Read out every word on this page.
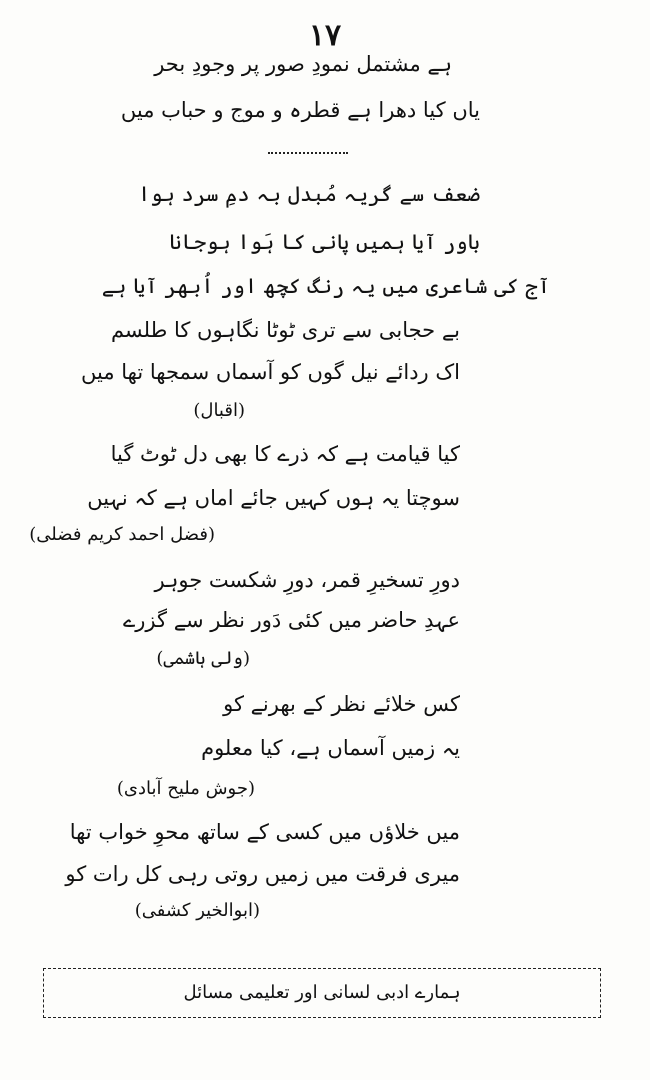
۱۷
ہے مشتمل نمودِ صور پر وجودِ بحر
یاں کیا دھرا ہے قطرہ و موج و حباب میں
ضعف سے گریہ مُبدل بہ دمِ سرد ہوا
باور آیا ہمیں پانی کا ہَوا ہوجانا
آج کی شاعری میں یہ رنگ کچھ اور اُبھر آیا ہے
بے حجابی سے تری ٹوٹا نگاہوں کا طلسم
اک ردائے نیل گوں کو آسماں سمجھا تھا میں
(اقبال)
کیا قیامت ہے کہ ذرے کا بھی دل ٹوٹ گیا
سوچتا یہ ہوں کہیں جائے اماں ہے کہ نہیں
(فضل احمد کریم فضلی)
دورِ تسخیرِ قمر، دورِ شکست جوہر
عہدِ حاضر میں کئی دَور نظر سے گزرے
(ولی ہاشمی)
کس خلائے نظر کے بھرنے کو
یہ زمیں آسماں ہے، کیا معلوم
(جوش ملیح آبادی)
میں خلاؤں میں کسی کے ساتھ محوِ خواب تھا
میری فرقت میں زمیں روتی رہی کل رات کو
(ابوالخیر کشفی)
ہمارے ادبی لسانی اور تعلیمی مسائل
